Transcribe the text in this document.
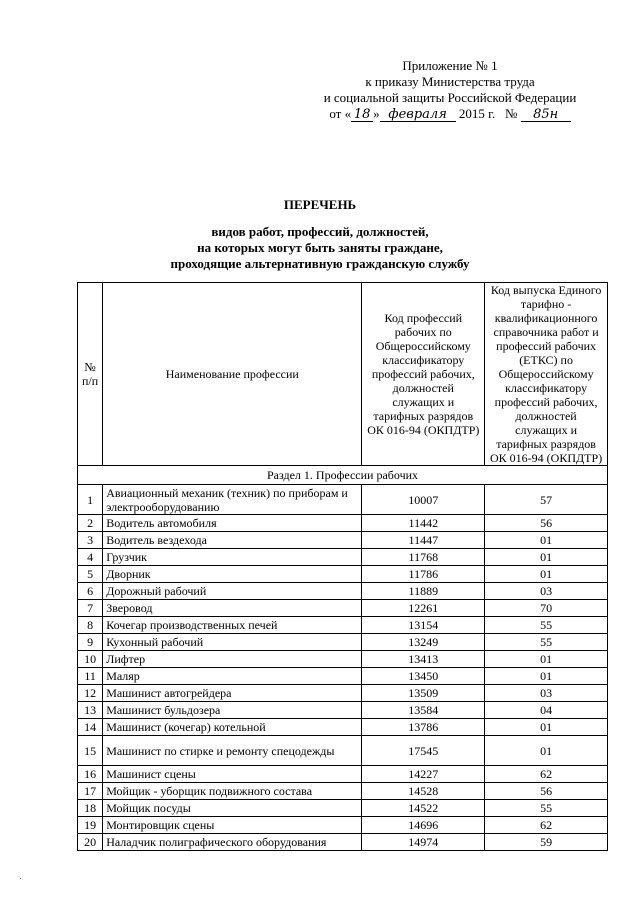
Приложение № 1
к приказу Министерства труда
и социальной защиты Российской Федерации
от « 18 » февраля 2015 г. № 85н
ПЕРЕЧЕНЬ
видов работ, профессий, должностей,
на которых могут быть заняты граждане,
проходящие альтернативную гражданскую службу
№ п/п	Наименование профессии	Код профессий рабочих по Общероссийскому классификатору профессий рабочих, должностей служащих и тарифных разрядов ОК 016-94 (ОКПДТР)	Код выпуска Единого тарифно - квалификационного справочника работ и профессий рабочих (ЕТКС) по Общероссийскому классификатору профессий рабочих, должностей служащих и тарифных разрядов ОК 016-94 (ОКПДТР)
Раздел 1. Профессии рабочих			
1	Авиационный механик (техник) по приборам и электрооборудованию	10007	57
2	Водитель автомобиля	11442	56
3	Водитель вездехода	11447	01
4	Грузчик	11768	01
5	Дворник	11786	01
6	Дорожный рабочий	11889	03
7	Зверовод	12261	70
8	Кочегар производственных печей	13154	55
9	Кухонный рабочий	13249	55
10	Лифтер	13413	01
11	Маляр	13450	01
12	Машинист автогрейдера	13509	03
13	Машинист бульдозера	13584	04
14	Машинист (кочегар) котельной	13786	01
15	Машинист по стирке и ремонту спецодежды	17545	01
16	Машинист сцены	14227	62
17	Мойщик - уборщик подвижного состава	14528	56
18	Мойщик посуды	14522	55
19	Монтировщик сцены	14696	62
20	Наладчик полиграфического оборудования	14974	59
